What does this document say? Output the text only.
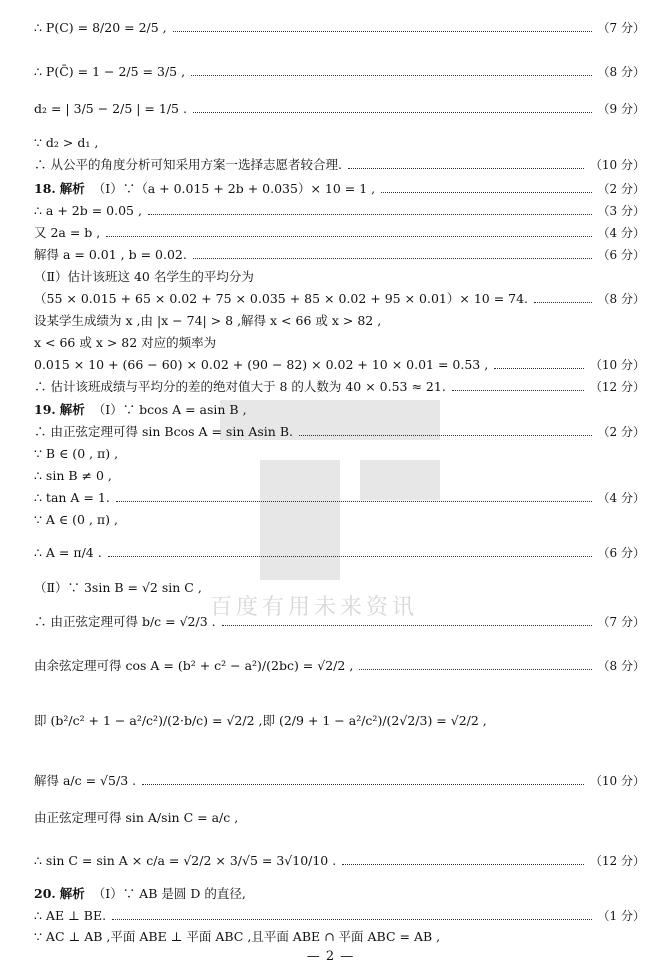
百度有用未来资讯
∴ P(C) = 8/20 = 2/5 ,	（7 分）
∴ P(C̄) = 1 − 2/5 = 3/5 ,	（8 分）
d₂ = | 3/5 − 2/5 | = 1/5 .	（9 分）
∵ d₂ > d₁ ,
∴ 从公平的角度分析可知采用方案一选择志愿者较合理.	（10 分）
18. 解析 （Ⅰ）∵（a + 0.015 + 2b + 0.035）× 10 = 1 ,	（2 分）
∴ a + 2b = 0.05 ,	（3 分）
又 2a = b ,	（4 分）
解得 a = 0.01 , b = 0.02.	（6 分）
（Ⅱ）估计该班这 40 名学生的平均分为
（55 × 0.015 + 65 × 0.02 + 75 × 0.035 + 85 × 0.02 + 95 × 0.01）× 10 = 74.	（8 分）
设某学生成绩为 x ,由 |x − 74| > 8 ,解得 x < 66 或 x > 82 ,
x < 66 或 x > 82 对应的频率为
0.015 × 10 + (66 − 60) × 0.02 + (90 − 82) × 0.02 + 10 × 0.01 = 0.53 ,	（10 分）
∴ 估计该班成绩与平均分的差的绝对值大于 8 的人数为 40 × 0.53 ≈ 21.	（12 分）
19. 解析 （Ⅰ）∵ bcos A = asin B ,
∴ 由正弦定理可得 sin Bcos A = sin Asin B.	（2 分）
∵ B ∈ (0 , π) ,
∴ sin B ≠ 0 ,
∴ tan A = 1.	（4 分）
∵ A ∈ (0 , π) ,
∴ A = π/4 .	（6 分）
（Ⅱ）∵ 3sin B = √2 sin C ,
∴ 由正弦定理可得 b/c = √2/3 .	（7 分）
由余弦定理可得 cos A = (b² + c² − a²)/(2bc) = √2/2 ,	（8 分）
即 (b²/c² + 1 − a²/c²)/(2·b/c) = √2/2 ,即 (2/9 + 1 − a²/c²)/(2√2/3) = √2/2 ,
解得 a/c = √5/3 .	（10 分）
由正弦定理可得 sin A/sin C = a/c ,
∴ sin C = sin A × c/a = √2/2 × 3/√5 = 3√10/10 .	（12 分）
20. 解析 （Ⅰ）∵ AB 是圆 D 的直径,
∴ AE ⊥ BE.	（1 分）
∵ AC ⊥ AB ,平面 ABE ⊥ 平面 ABC ,且平面 ABE ∩ 平面 ABC = AB ,
— 2 —
